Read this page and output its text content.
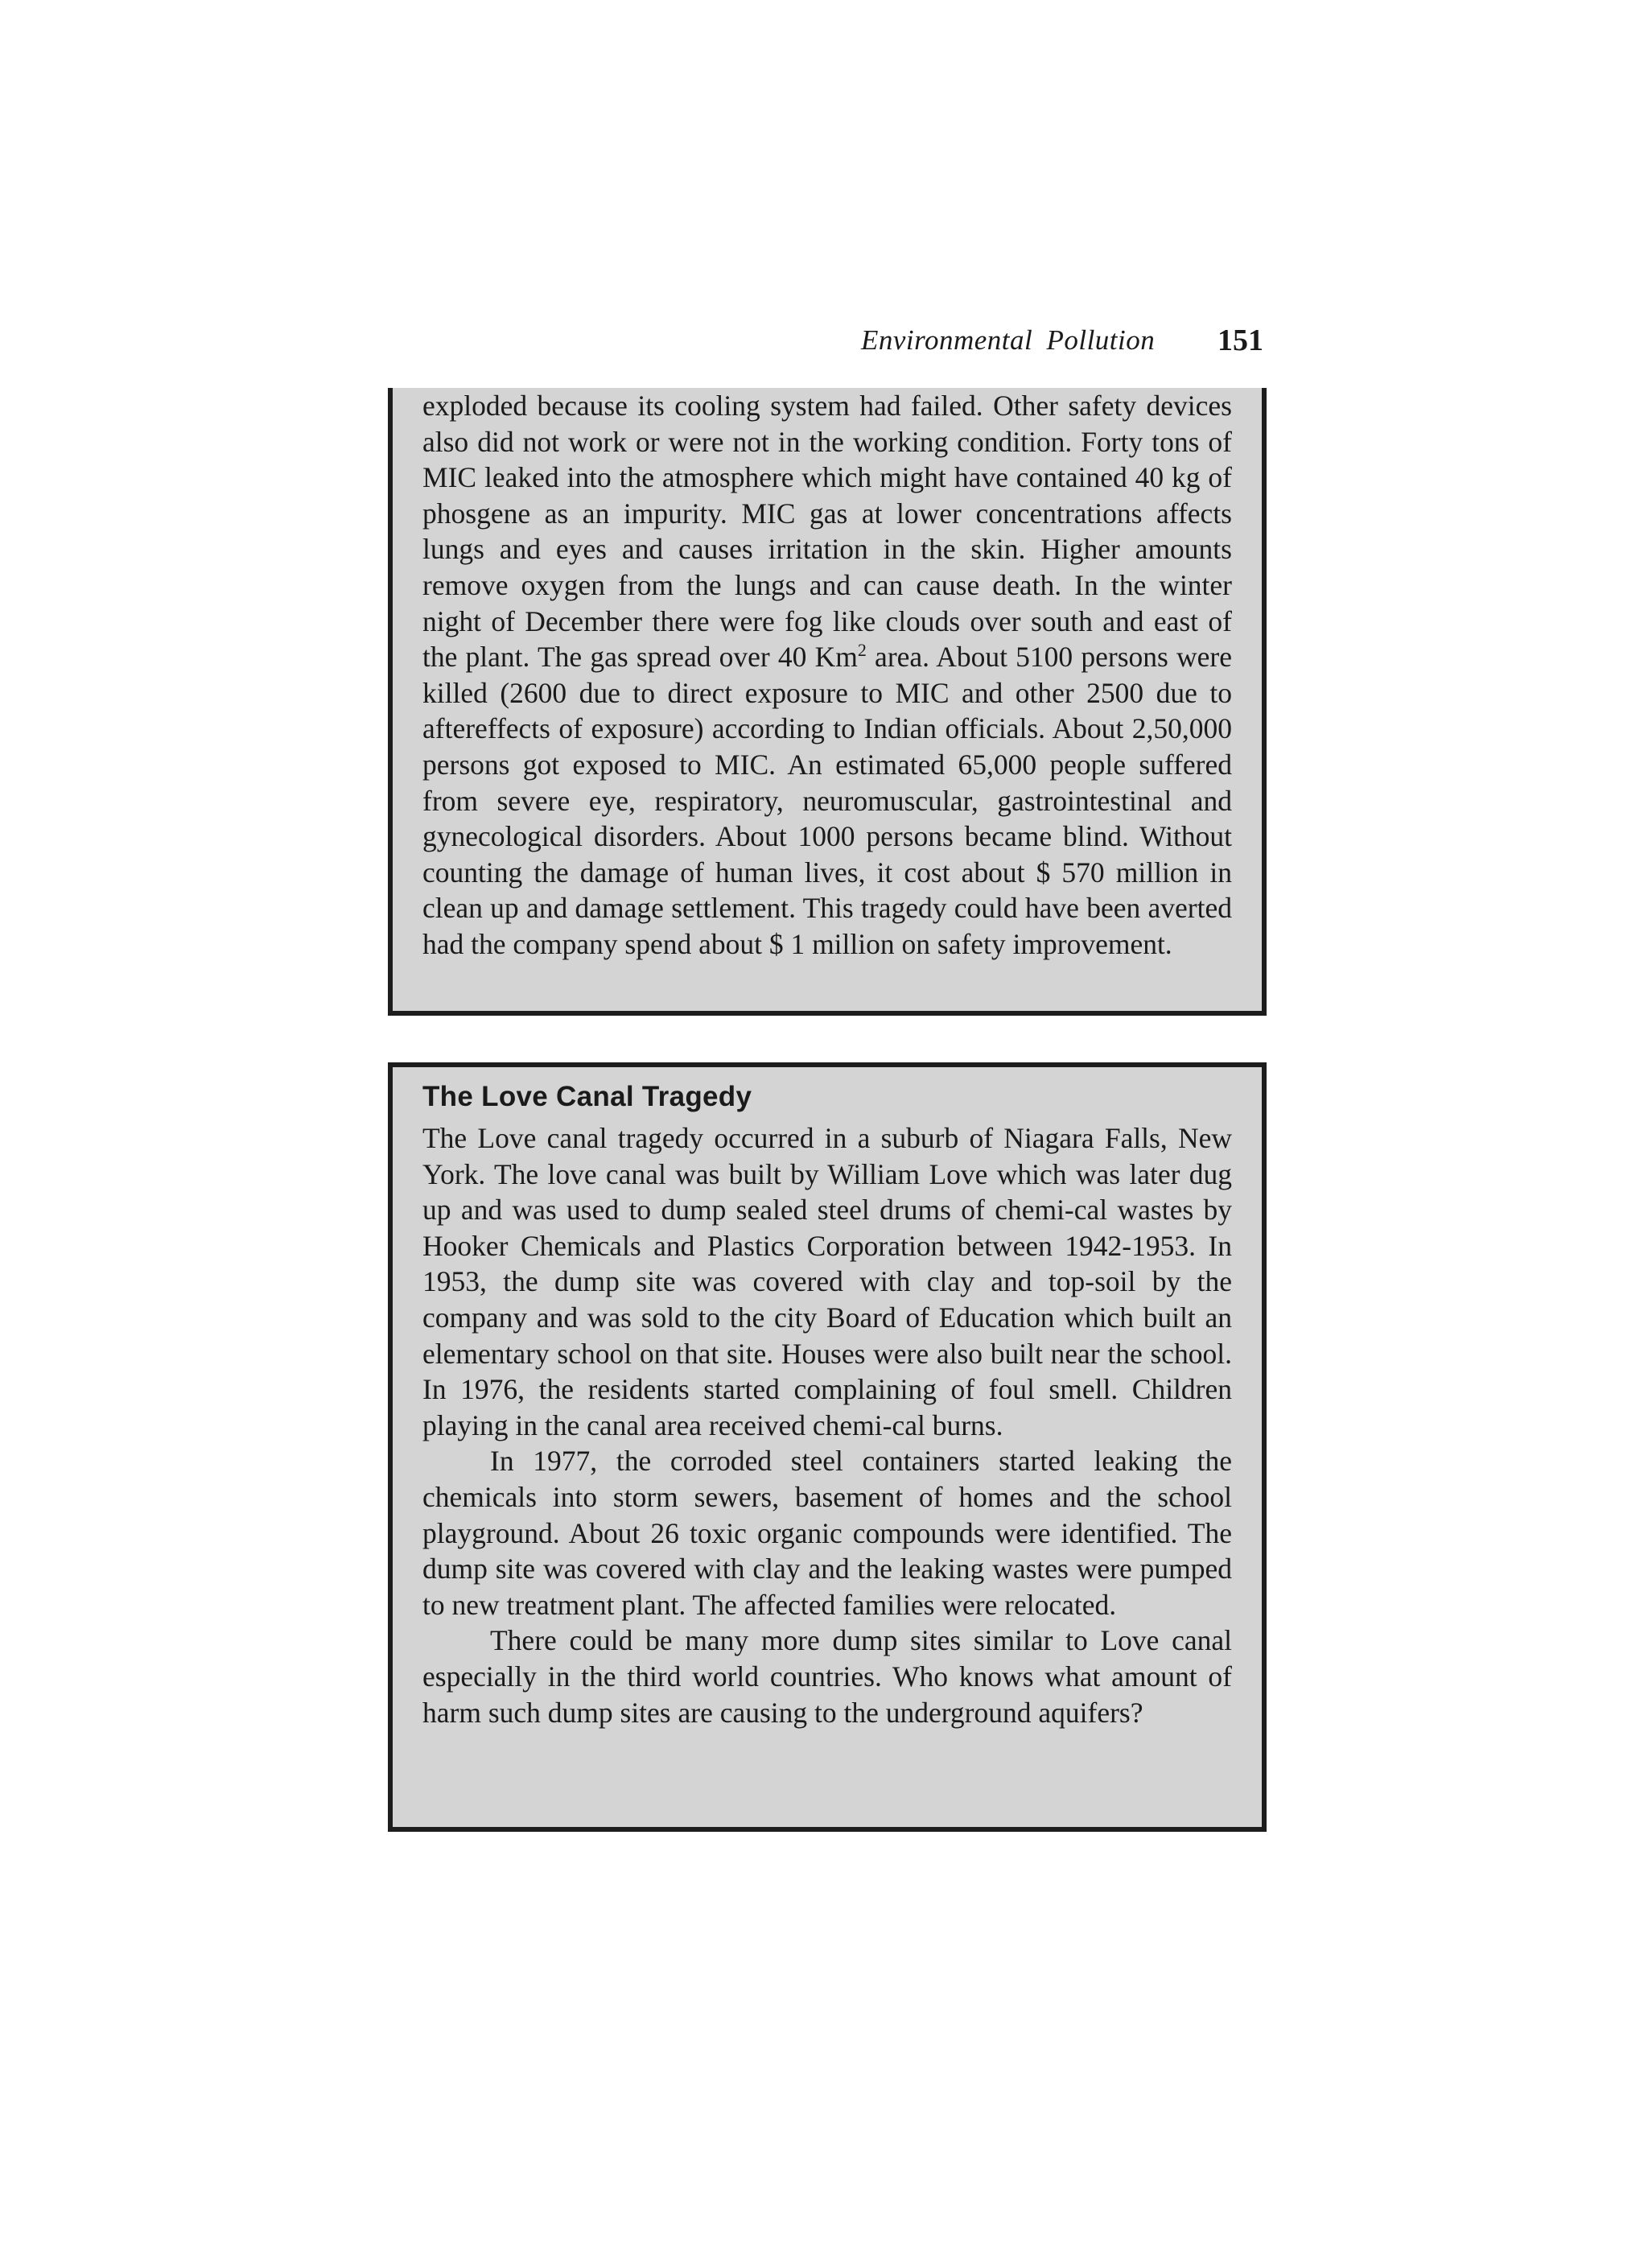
Environmental Pollution 151

exploded because its cooling system had failed. Other safety devices also did not work or were not in the working condition. Forty tons of MIC leaked into the atmosphere which might have contained 40 kg of phosgene as an impurity. MIC gas at lower concentrations affects lungs and eyes and causes irritation in the skin. Higher amounts remove oxygen from the lungs and can cause death. In the winter night of December there were fog like clouds over south and east of the plant. The gas spread over 40 Km$^2$ area. About 5100 persons were killed (2600 due to direct exposure to MIC and other 2500 due to aftereffects of exposure) according to Indian officials. About 2,50,000 persons got exposed to MIC. An estimated 65,000 people suffered from severe eye, respiratory, neuromuscular, gastrointestinal and gynecological disorders. About 1000 persons became blind. Without counting the damage of human lives, it cost about $ 570 million in clean up and damage settlement. This tragedy could have been averted had the company spend about $ 1 million on safety improvement.

The Love Canal Tragedy

The Love canal tragedy occurred in a suburb of Niagara Falls, New York. The love canal was built by William Love which was later dug up and was used to dump sealed steel drums of chemi-cal wastes by Hooker Chemicals and Plastics Corporation between 1942-1953. In 1953, the dump site was covered with clay and top-soil by the company and was sold to the city Board of Education which built an elementary school on that site. Houses were also built near the school. In 1976, the residents started complaining of foul smell. Children playing in the canal area received chemi-cal burns.

In 1977, the corroded steel containers started leaking the chemicals into storm sewers, basement of homes and the school playground. About 26 toxic organic compounds were identified. The dump site was covered with clay and the leaking wastes were pumped to new treatment plant. The affected families were relocated.

There could be many more dump sites similar to Love canal especially in the third world countries. Who knows what amount of harm such dump sites are causing to the underground aquifers?
